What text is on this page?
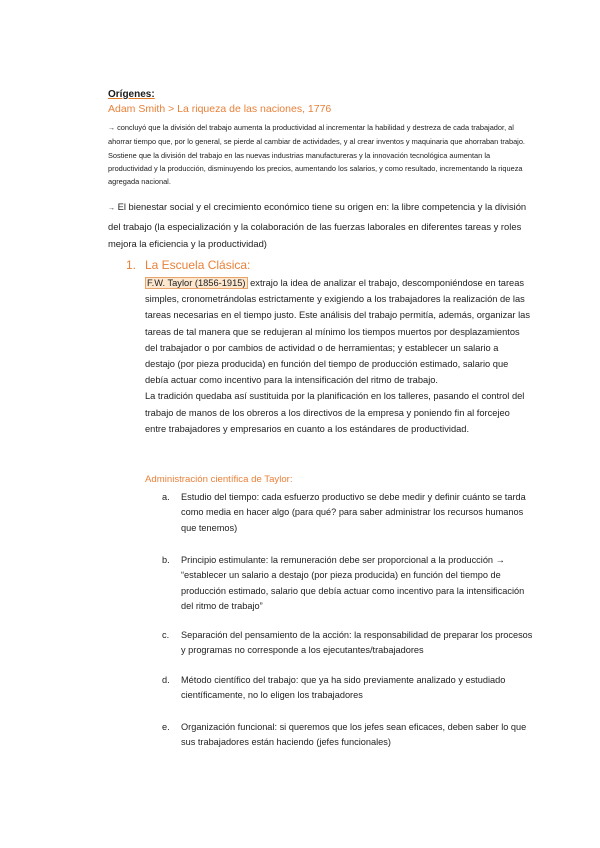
Orígenes:
Adam Smith > La riqueza de las naciones, 1776
→ concluyó que la división del trabajo aumenta la productividad al incrementar la habilidad y destreza de cada trabajador, al ahorrar tiempo que, por lo general, se pierde al cambiar de actividades, y al crear inventos y maquinaria que ahorraban trabajo. Sostiene que la división del trabajo en las nuevas industrias manufactureras y la innovación tecnológica aumentan la productividad y la producción, disminuyendo los precios, aumentando los salarios, y como resultado, incrementando la riqueza agregada nacional.
→ El bienestar social y el crecimiento económico tiene su origen en: la libre competencia y la división del trabajo (la especialización y la colaboración de las fuerzas laborales en diferentes tareas y roles mejora la eficiencia y la productividad)
1. La Escuela Clásica:
F.W. Taylor (1856-1915) extrajo la idea de analizar el trabajo, descomponiéndose en tareas simples, cronometrándolas estrictamente y exigiendo a los trabajadores la realización de las tareas necesarias en el tiempo justo. Este análisis del trabajo permitía, además, organizar las tareas de tal manera que se redujeran al mínimo los tiempos muertos por desplazamientos del trabajador o por cambios de actividad o de herramientas; y establecer un salario a destajo (por pieza producida) en función del tiempo de producción estimado, salario que debía actuar como incentivo para la intensificación del ritmo de trabajo.
La tradición quedaba así sustituida por la planificación en los talleres, pasando el control del trabajo de manos de los obreros a los directivos de la empresa y poniendo fin al forcejeo entre trabajadores y empresarios en cuanto a los estándares de productividad.
Administración científica de Taylor:
a.	Estudio del tiempo: cada esfuerzo productivo se debe medir y definir cuánto se tarda como media en hacer algo (para qué? para saber administrar los recursos humanos que tenemos)
b.	Principio estimulante: la remuneración debe ser proporcional a la producción → “establecer un salario a destajo (por pieza producida) en función del tiempo de producción estimado, salario que debía actuar como incentivo para la intensificación del ritmo de trabajo”
c.	Separación del pensamiento de la acción: la responsabilidad de preparar los procesos y programas no corresponde a los ejecutantes/trabajadores
d.	Método científico del trabajo: que ya ha sido previamente analizado y estudiado científicamente, no lo eligen los trabajadores
e.	Organización funcional: si queremos que los jefes sean eficaces, deben saber lo que sus trabajadores están haciendo (jefes funcionales)
